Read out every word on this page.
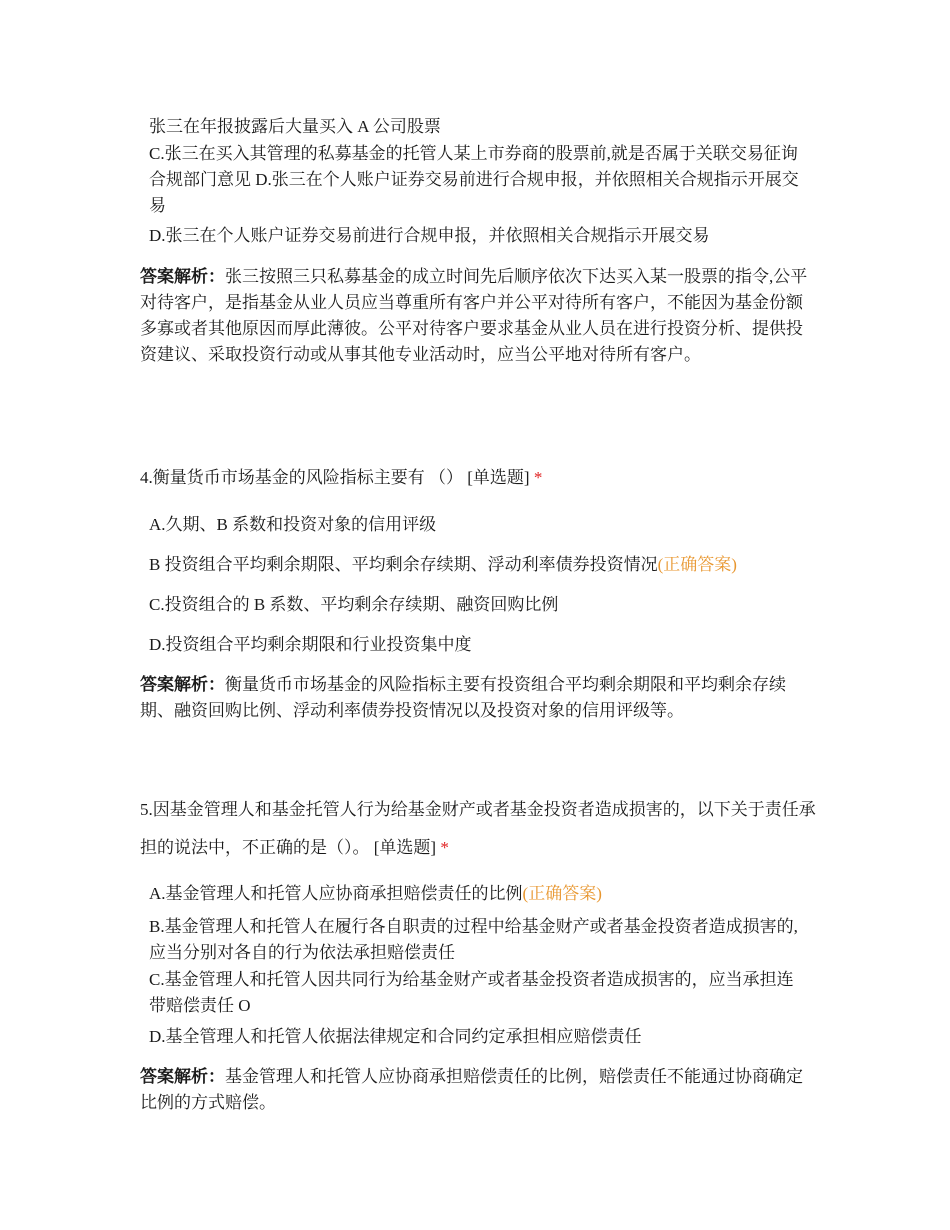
张三在年报披露后大量买入 A 公司股票

C.张三在买入其管理的私募基金的托管人某上市券商的股票前,就是否属于关联交易征询合规部门意见 D.张三在个人账户证券交易前进行合规申报，并依照相关合规指示开展交易

D.张三在个人账户证券交易前进行合规申报，并依照相关合规指示开展交易

答案解析：张三按照三只私募基金的成立时间先后顺序依次下达买入某一股票的指令,公平对待客户，是指基金从业人员应当尊重所有客户并公平对待所有客户，不能因为基金份额多寡或者其他原因而厚此薄彼。公平对待客户要求基金从业人员在进行投资分析、提供投资建议、采取投资行动或从事其他专业活动时，应当公平地对待所有客户。

4.衡量货币市场基金的风险指标主要有 （） [单选题] *

A.久期、B 系数和投资对象的信用评级

B 投资组合平均剩余期限、平均剩余存续期、浮动利率债券投资情况(正确答案)

C.投资组合的 B 系数、平均剩余存续期、融资回购比例

D.投资组合平均剩余期限和行业投资集中度

答案解析：衡量货币市场基金的风险指标主要有投资组合平均剩余期限和平均剩余存续期、融资回购比例、浮动利率债券投资情况以及投资对象的信用评级等。

5.因基金管理人和基金托管人行为给基金财产或者基金投资者造成损害的，以下关于责任承担的说法中，不正确的是（）。 [单选题] *

A.基金管理人和托管人应协商承担赔偿责任的比例(正确答案)

B.基金管理人和托管人在履行各自职责的过程中给基金财产或者基金投资者造成损害的,应当分别对各自的行为依法承担赔偿责任

C.基金管理人和托管人因共同行为给基金财产或者基金投资者造成损害的，应当承担连带赔偿责任 O

D.基全管理人和托管人依据法律规定和合同约定承担相应赔偿责任

答案解析：基金管理人和托管人应协商承担赔偿责任的比例，赔偿责任不能通过协商确定比例的方式赔偿。
